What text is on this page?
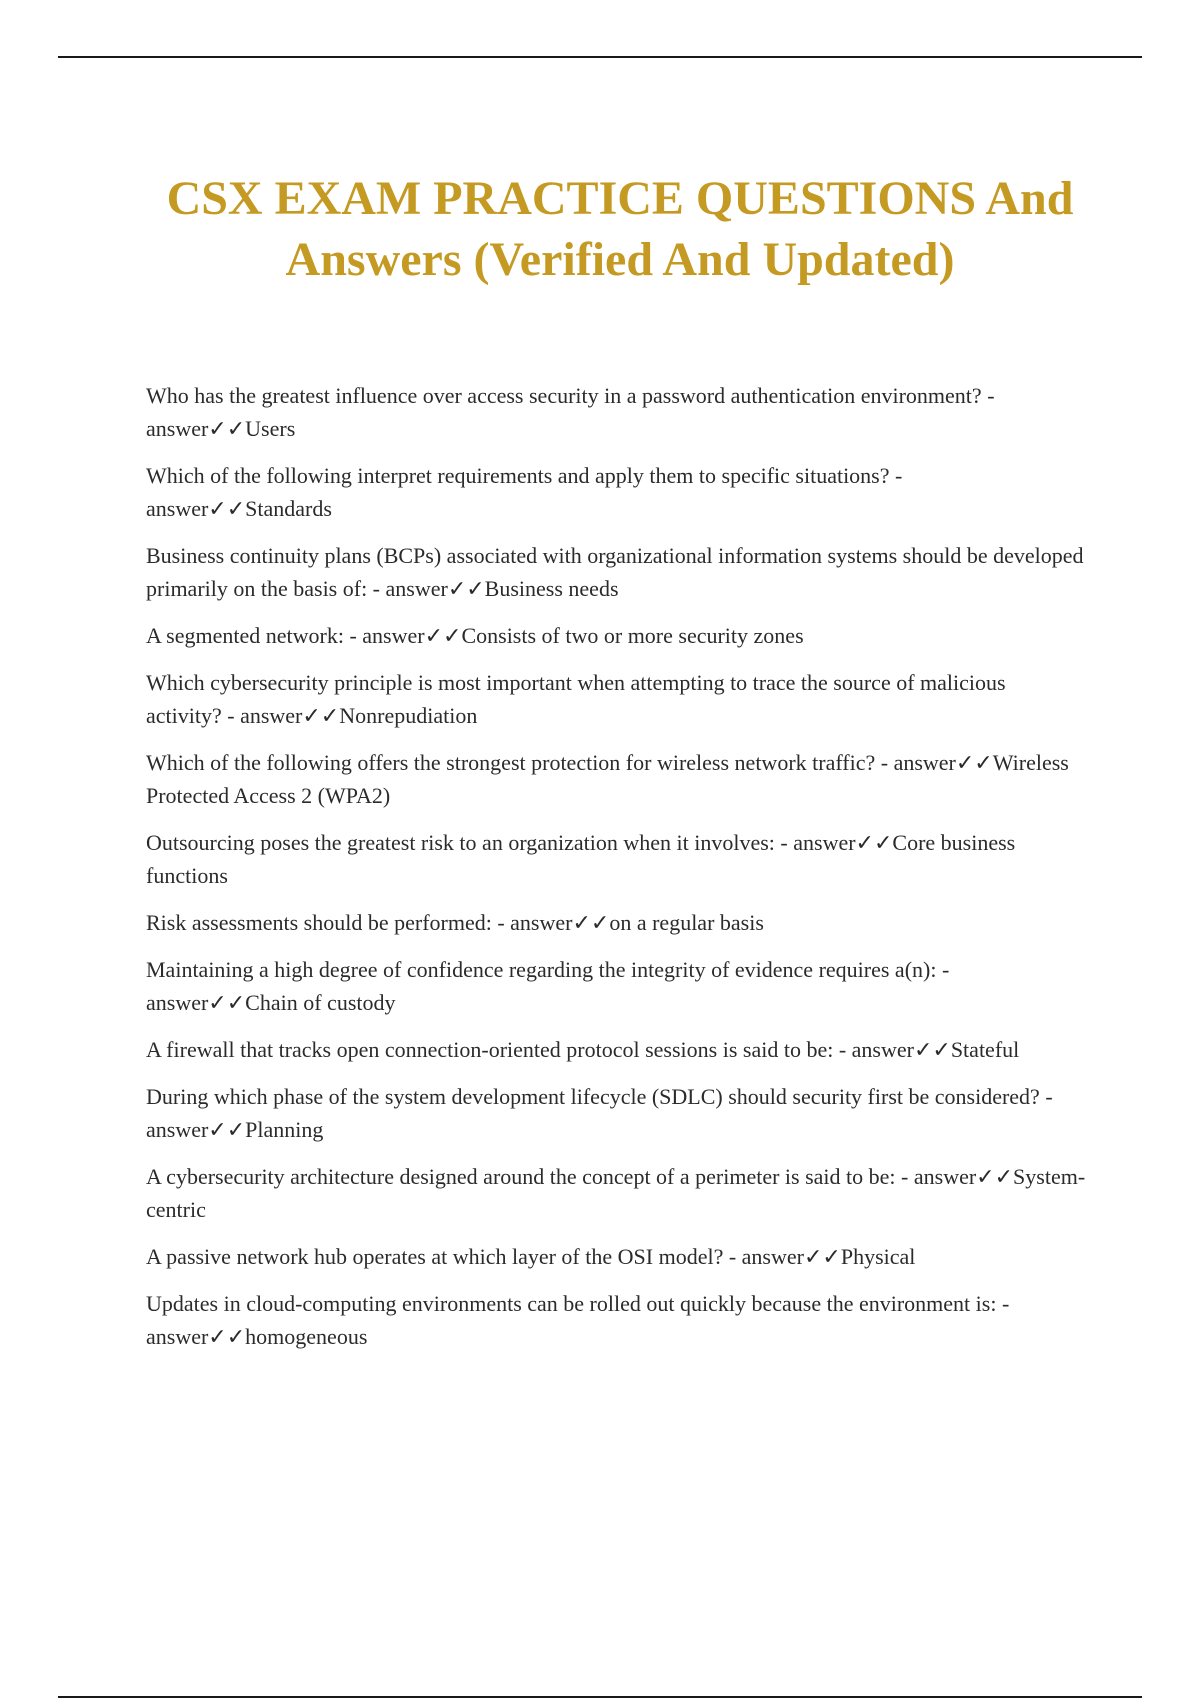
CSX EXAM PRACTICE QUESTIONS And
Answers (Verified And Updated)
Who has the greatest influence over access security in a password authentication environment? - answer✓✓Users
Which of the following interpret requirements and apply them to specific situations? - answer✓✓Standards
Business continuity plans (BCPs) associated with organizational information systems should be developed primarily on the basis of: - answer✓✓Business needs
A segmented network: - answer✓✓Consists of two or more security zones
Which cybersecurity principle is most important when attempting to trace the source of malicious activity? - answer✓✓Nonrepudiation
Which of the following offers the strongest protection for wireless network traffic? - answer✓✓Wireless Protected Access 2 (WPA2)
Outsourcing poses the greatest risk to an organization when it involves: - answer✓✓Core business functions
Risk assessments should be performed: - answer✓✓on a regular basis
Maintaining a high degree of confidence regarding the integrity of evidence requires a(n): - answer✓✓Chain of custody
A firewall that tracks open connection-oriented protocol sessions is said to be: - answer✓✓Stateful
During which phase of the system development lifecycle (SDLC) should security first be considered? - answer✓✓Planning
A cybersecurity architecture designed around the concept of a perimeter is said to be: - answer✓✓System-centric
A passive network hub operates at which layer of the OSI model? - answer✓✓Physical
Updates in cloud-computing environments can be rolled out quickly because the environment is: - answer✓✓homogeneous
